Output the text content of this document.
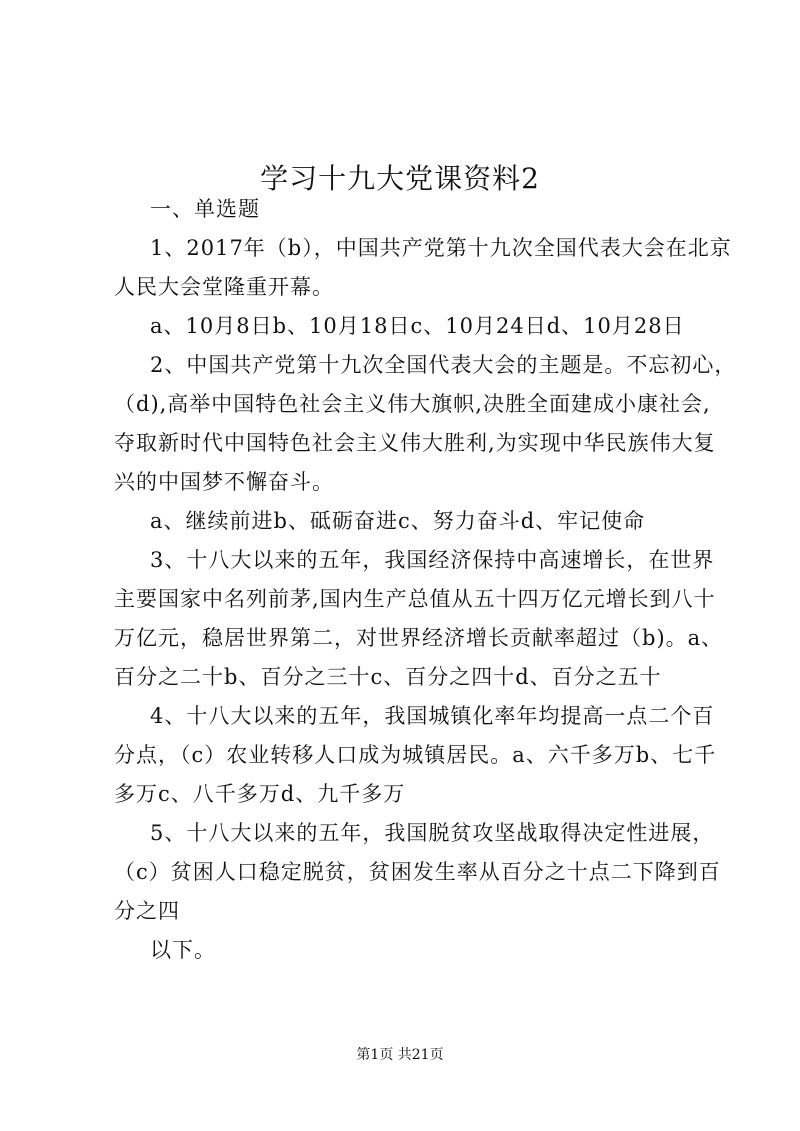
学习十九大党课资料2

一、单选题
1、2017年（b），中国共产党第十九次全国代表大会在北京
人民大会堂隆重开幕。
a、10月8日b、10月18日c、10月24日d、10月28日
2、中国共产党第十九次全国代表大会的主题是。不忘初心，
（d),高举中国特色社会主义伟大旗帜,决胜全面建成小康社会,
夺取新时代中国特色社会主义伟大胜利,为实现中华民族伟大复
兴的中国梦不懈奋斗。
a、继续前进b、砥砺奋进c、努力奋斗d、牢记使命
3、十八大以来的五年，我国经济保持中高速增长，在世界
主要国家中名列前茅,国内生产总值从五十四万亿元增长到八十
万亿元，稳居世界第二，对世界经济增长贡献率超过（b)。a、
百分之二十b、百分之三十c、百分之四十d、百分之五十
4、十八大以来的五年，我国城镇化率年均提高一点二个百
分点，（c）农业转移人口成为城镇居民。a、六千多万b、七千
多万c、八千多万d、九千多万
5、十八大以来的五年，我国脱贫攻坚战取得决定性进展，
（c）贫困人口稳定脱贫，贫困发生率从百分之十点二下降到百
分之四
以下。

第1页 共21页
